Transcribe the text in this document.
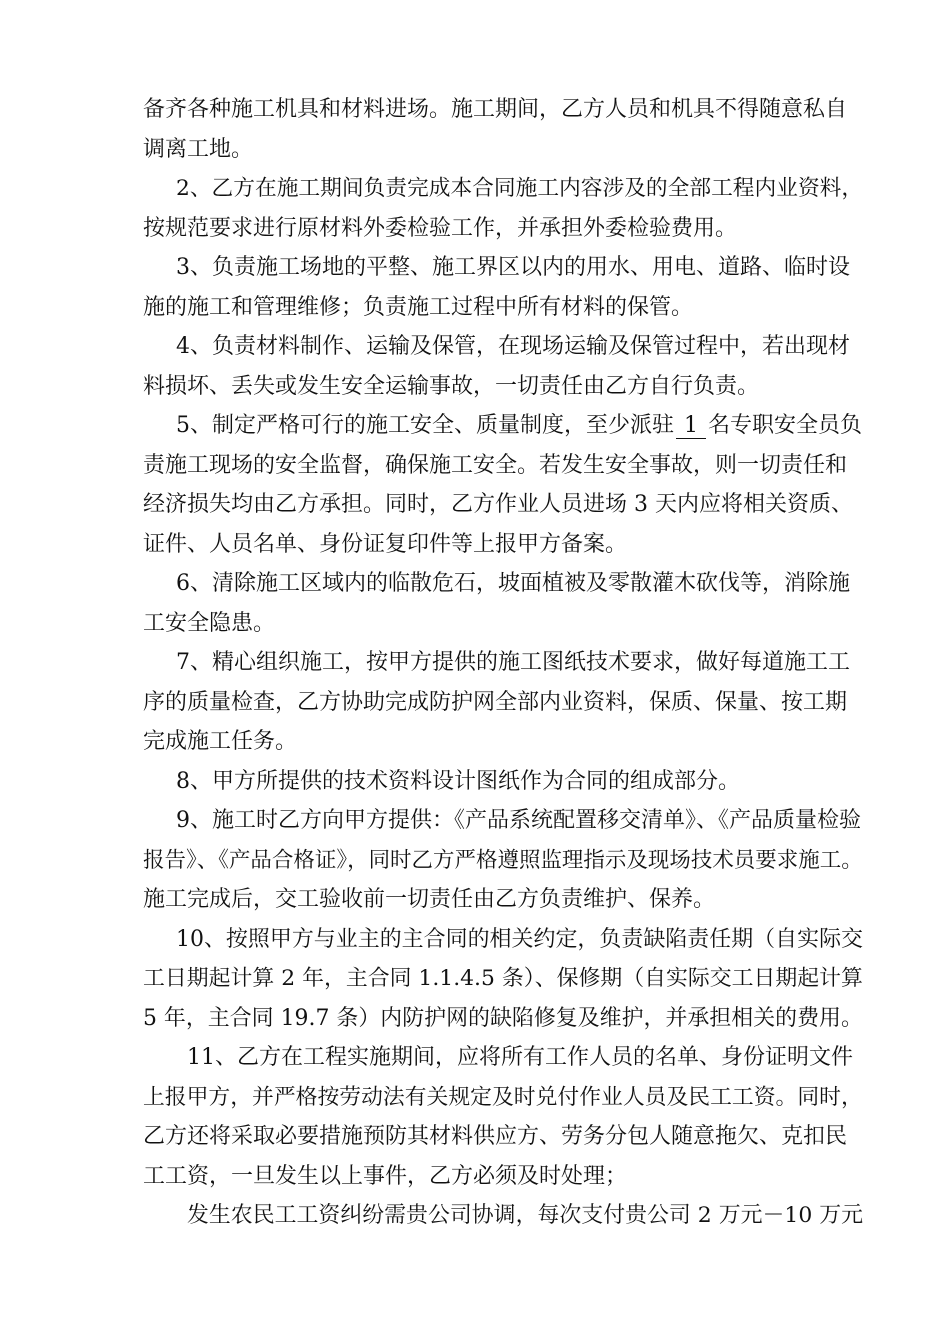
备齐各种施工机具和材料进场。施工期间，乙方人员和机具不得随意私自
调离工地。
2、乙方在施工期间负责完成本合同施工内容涉及的全部工程内业资料，
按规范要求进行原材料外委检验工作，并承担外委检验费用。
3、负责施工场地的平整、施工界区以内的用水、用电、道路、临时设
施的施工和管理维修；负责施工过程中所有材料的保管。
4、负责材料制作、运输及保管，在现场运输及保管过程中，若出现材
料损坏、丢失或发生安全运输事故，一切责任由乙方自行负责。
5、制定严格可行的施工安全、质量制度，至少派驻 1 名专职安全员负
责施工现场的安全监督，确保施工安全。若发生安全事故，则一切责任和
经济损失均由乙方承担。同时，乙方作业人员进场 3 天内应将相关资质、
证件、人员名单、身份证复印件等上报甲方备案。
6、清除施工区域内的临散危石，坡面植被及零散灌木砍伐等，消除施
工安全隐患。
7、精心组织施工，按甲方提供的施工图纸技术要求，做好每道施工工
序的质量检查，乙方协助完成防护网全部内业资料，保质、保量、按工期
完成施工任务。
8、甲方所提供的技术资料设计图纸作为合同的组成部分。
9、施工时乙方向甲方提供：《产品系统配置移交清单》、《产品质量检验
报告》、《产品合格证》，同时乙方严格遵照监理指示及现场技术员要求施工。
施工完成后，交工验收前一切责任由乙方负责维护、保养。
10、按照甲方与业主的主合同的相关约定，负责缺陷责任期（自实际交
工日期起计算 2 年，主合同 1.1.4.5 条）、保修期（自实际交工日期起计算
5 年，主合同 19.7 条）内防护网的缺陷修复及维护，并承担相关的费用。
11、乙方在工程实施期间，应将所有工作人员的名单、身份证明文件
上报甲方，并严格按劳动法有关规定及时兑付作业人员及民工工资。同时，
乙方还将采取必要措施预防其材料供应方、劳务分包人随意拖欠、克扣民
工工资，一旦发生以上事件，乙方必须及时处理；
发生农民工工资纠纷需贵公司协调，每次支付贵公司 2 万元－10 万元
